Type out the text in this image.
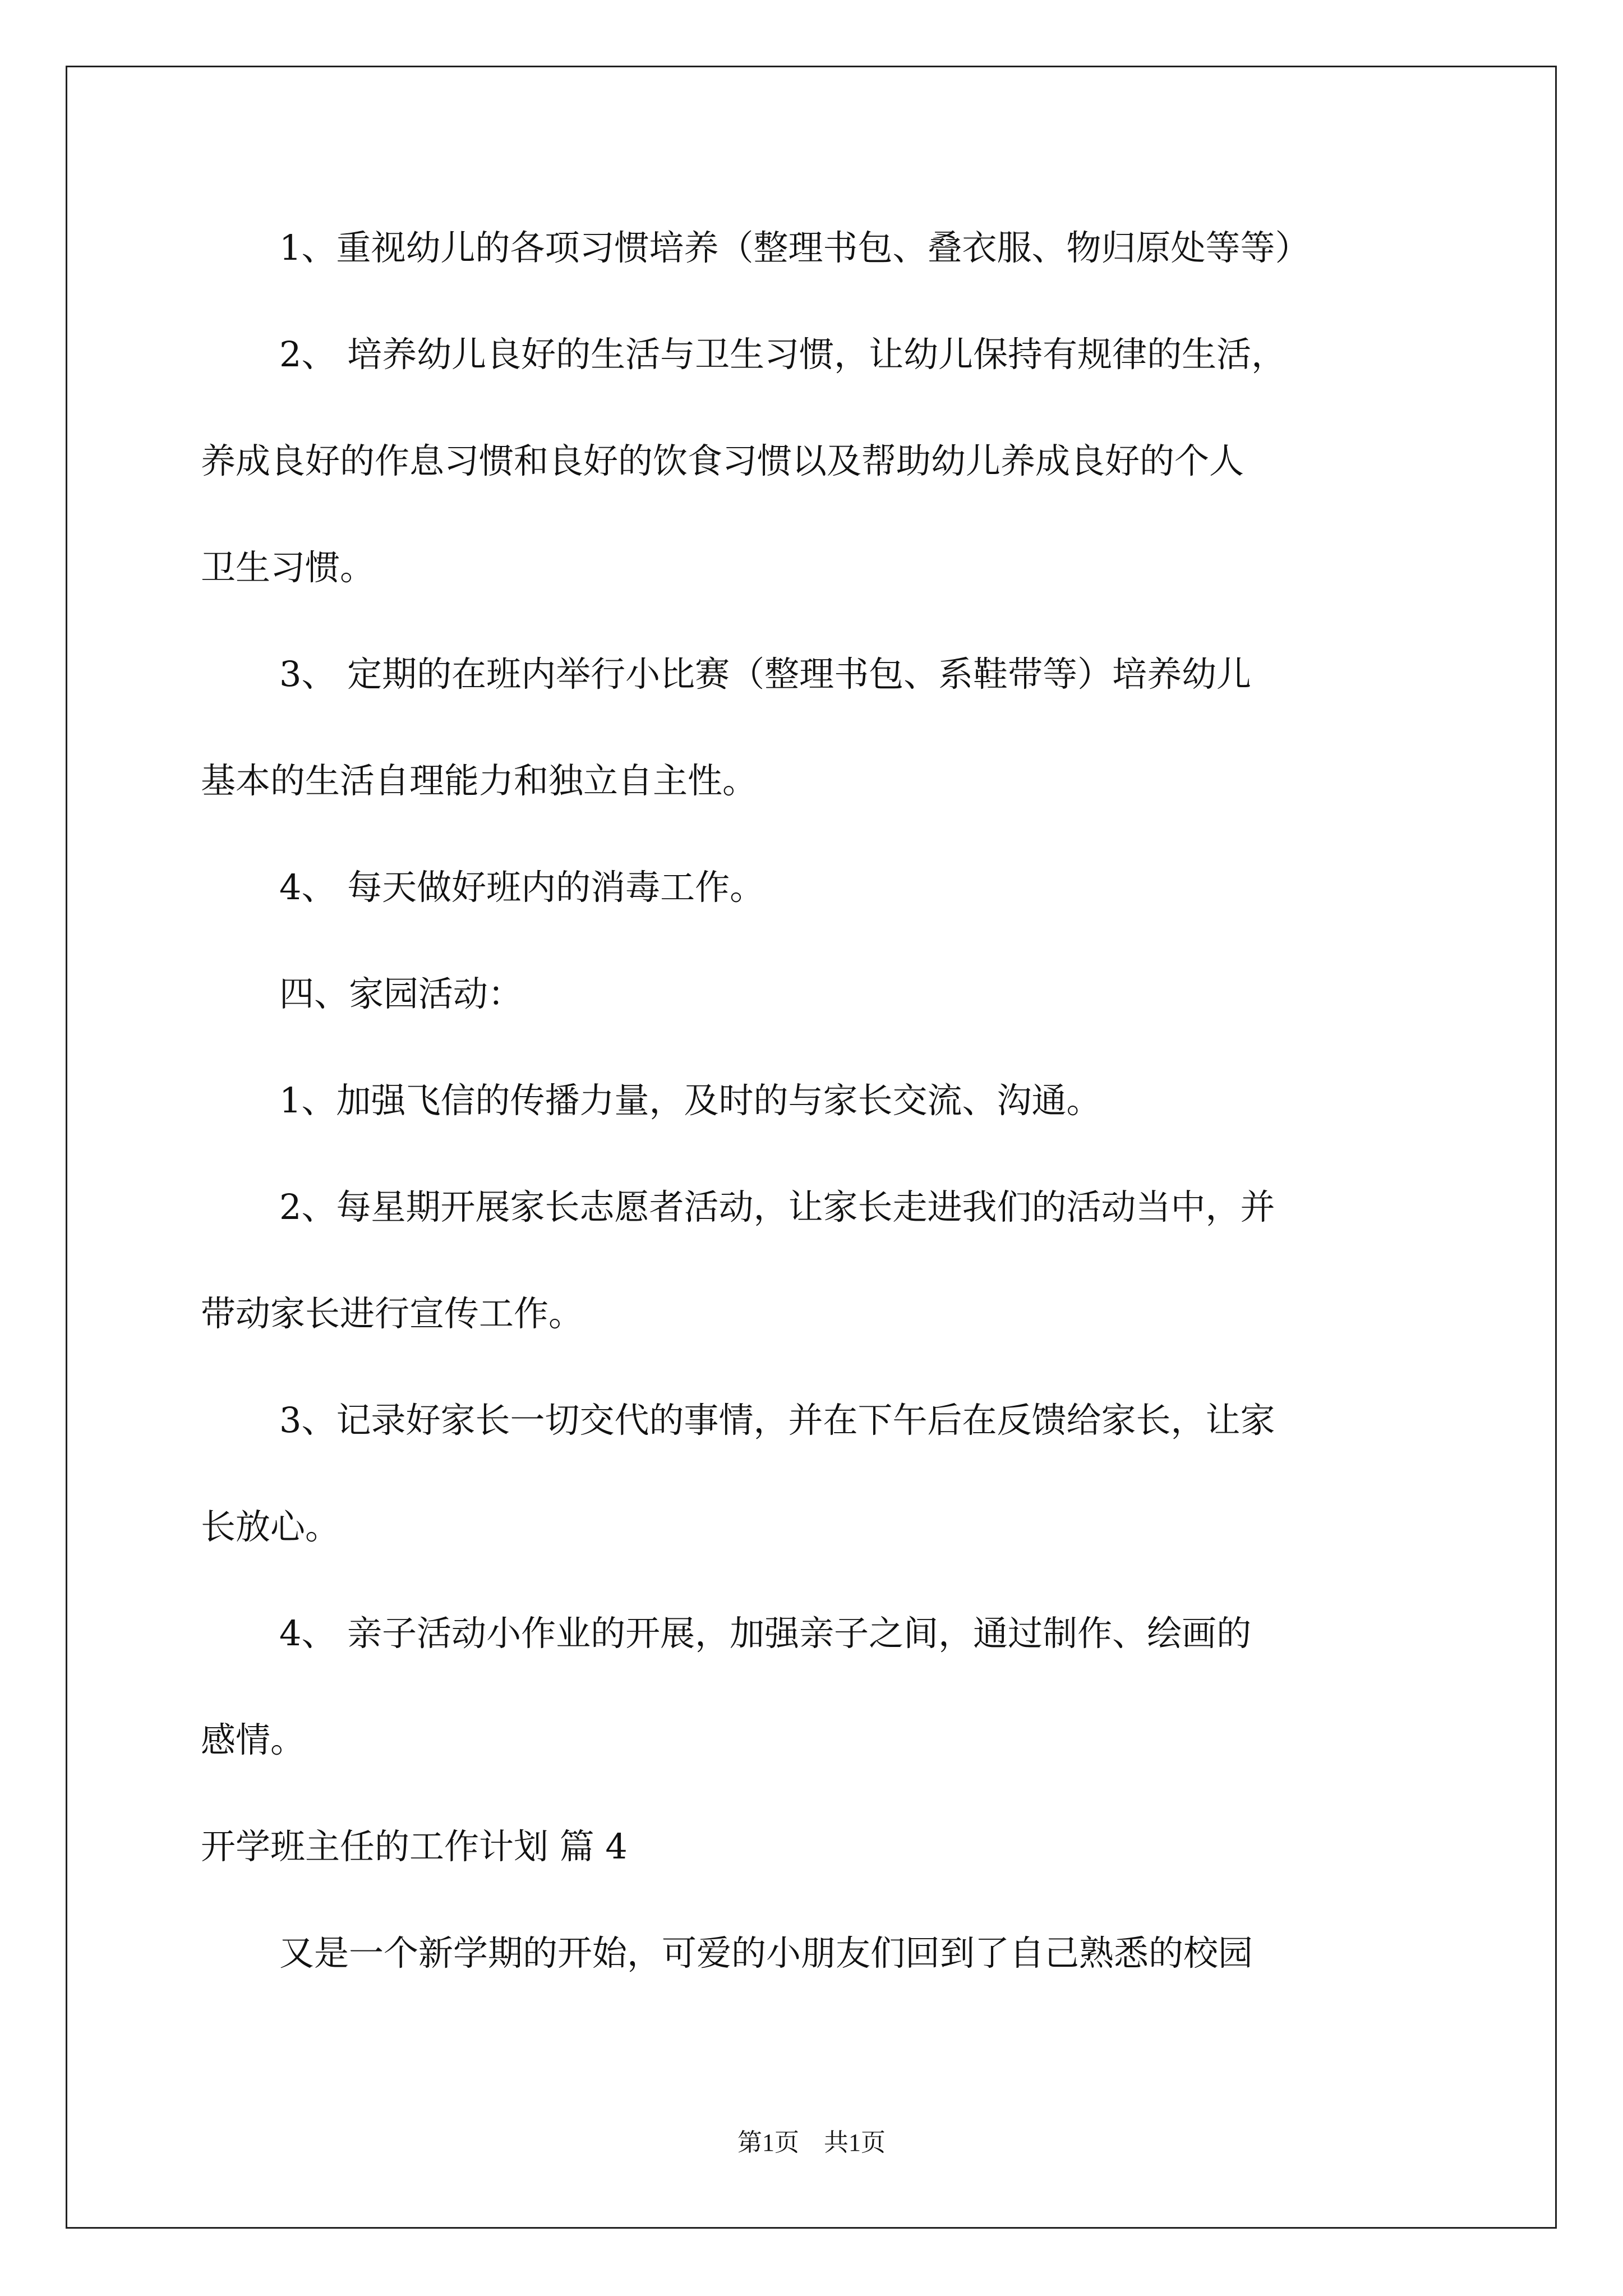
1、重视幼儿的各项习惯培养（整理书包、叠衣服、物归原处等等）
2、 培养幼儿良好的生活与卫生习惯，让幼儿保持有规律的生活，
养成良好的作息习惯和良好的饮食习惯以及帮助幼儿养成良好的个人
卫生习惯。
3、 定期的在班内举行小比赛（整理书包、系鞋带等）培养幼儿
基本的生活自理能力和独立自主性。
4、 每天做好班内的消毒工作。
四、家园活动：
1、加强飞信的传播力量，及时的与家长交流、沟通。
2、每星期开展家长志愿者活动，让家长走进我们的活动当中，并
带动家长进行宣传工作。
3、记录好家长一切交代的事情，并在下午后在反馈给家长，让家
长放心。
4、 亲子活动小作业的开展，加强亲子之间，通过制作、绘画的
感情。
开学班主任的工作计划 篇 4
又是一个新学期的开始，可爱的小朋友们回到了自己熟悉的校园
第1页　共1页
